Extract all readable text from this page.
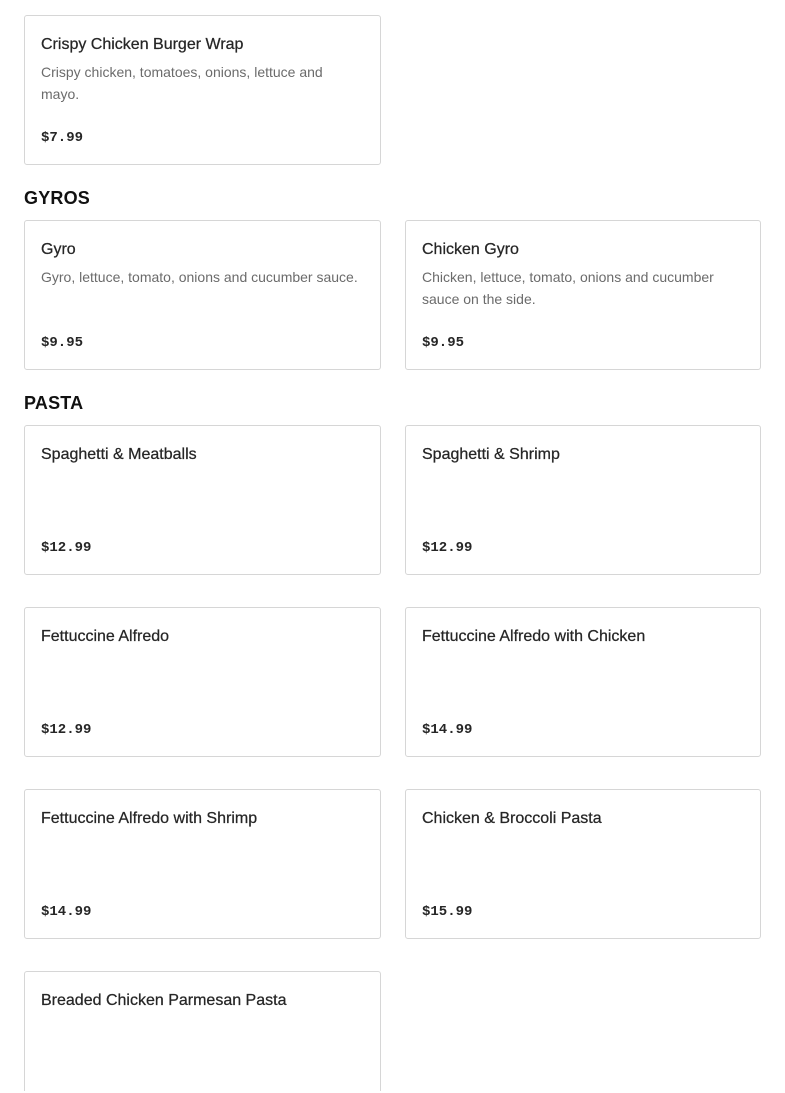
Crispy Chicken Burger Wrap
Crispy chicken, tomatoes, onions, lettuce and mayo.
$7.99
GYROS
Gyro
Gyro, lettuce, tomato, onions and cucumber sauce.
$9.95
Chicken Gyro
Chicken, lettuce, tomato, onions and cucumber sauce on the side.
$9.95
PASTA
Spaghetti & Meatballs
$12.99
Spaghetti & Shrimp
$12.99
Fettuccine Alfredo
$12.99
Fettuccine Alfredo with Chicken
$14.99
Fettuccine Alfredo with Shrimp
$14.99
Chicken & Broccoli Pasta
$15.99
Breaded Chicken Parmesan Pasta
